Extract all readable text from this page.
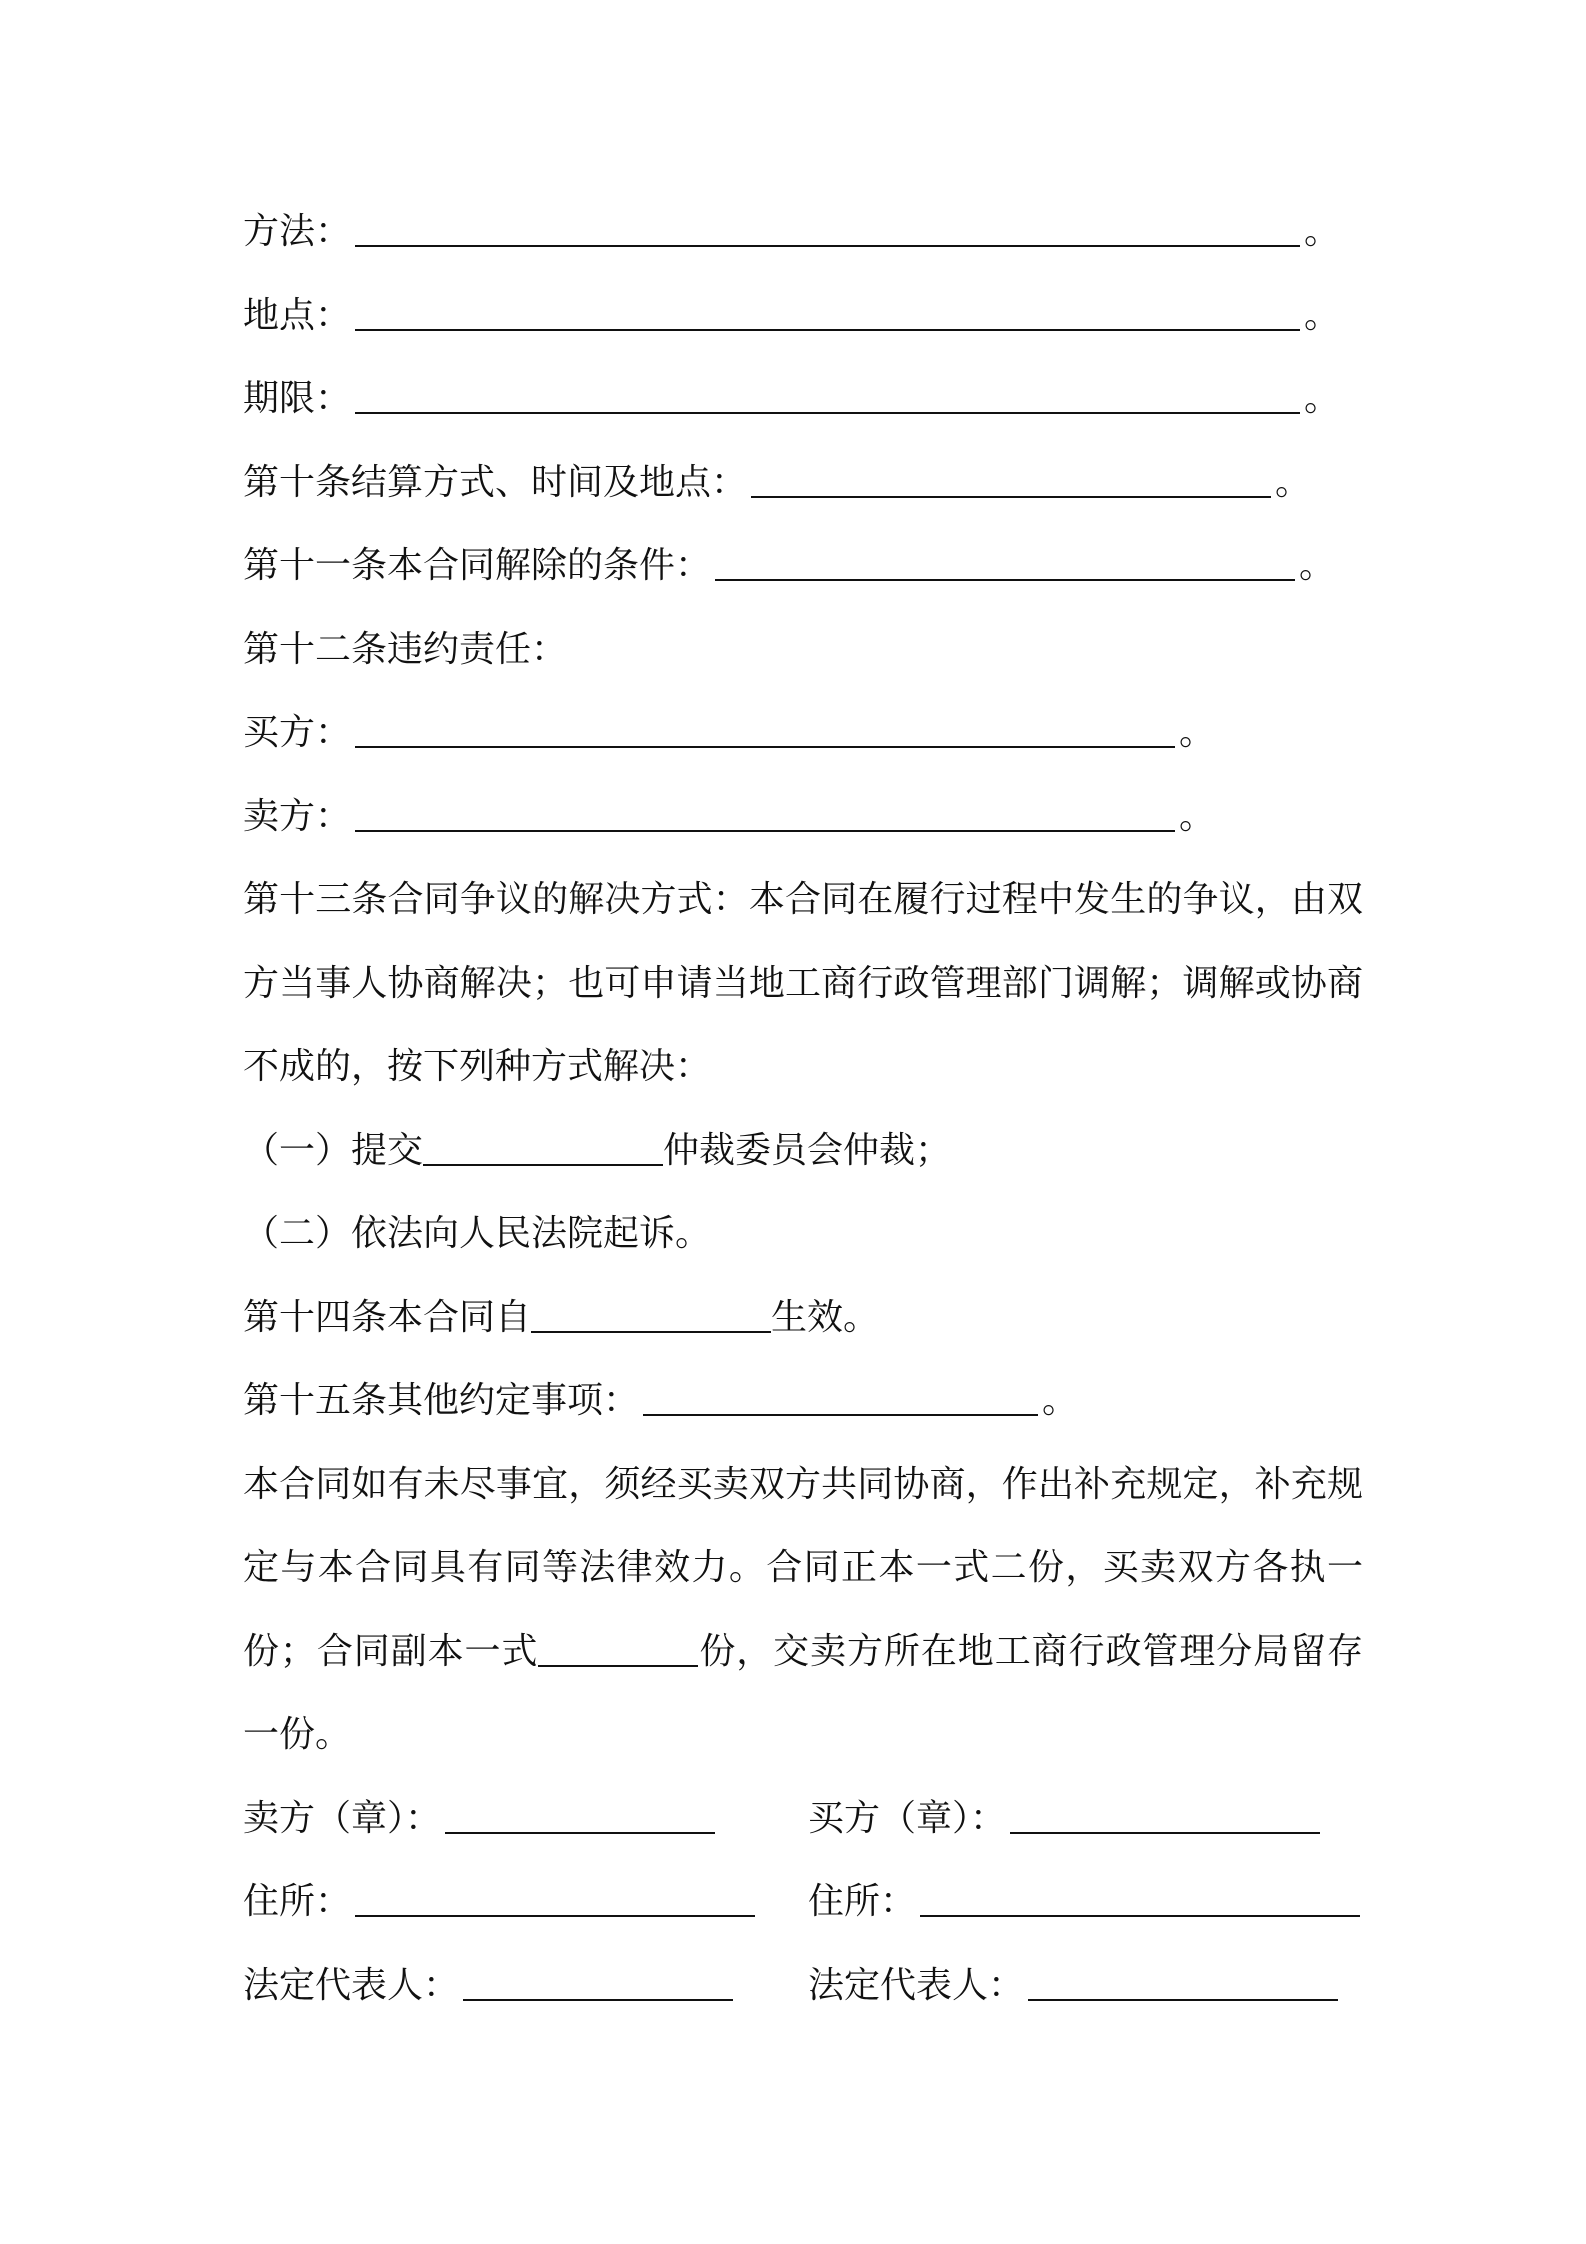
方法：	。
地点：	。
期限：	。
第十条结算方式、时间及地点：	。
第十一条本合同解除的条件：	。
第十二条违约责任：
买方：	。
卖方：	。
第十三条合同争议的解决方式：本合同在履行过程中发生的争议，由双方当事人协商解决；也可申请当地工商行政管理部门调解；调解或协商不成的，按下列种方式解决：
（一）提交	仲裁委员会仲裁；
（二）依法向人民法院起诉。
第十四条本合同自	生效。
第十五条其他约定事项：	。
本合同如有未尽事宜，须经买卖双方共同协商，作出补充规定，补充规定与本合同具有同等法律效力。合同正本一式二份，买卖双方各执一份；合同副本一式	份，交卖方所在地工商行政管理分局留存一份。
卖方（章）：	买方（章）：
住所：	住所：
法定代表人：	法定代表人：
